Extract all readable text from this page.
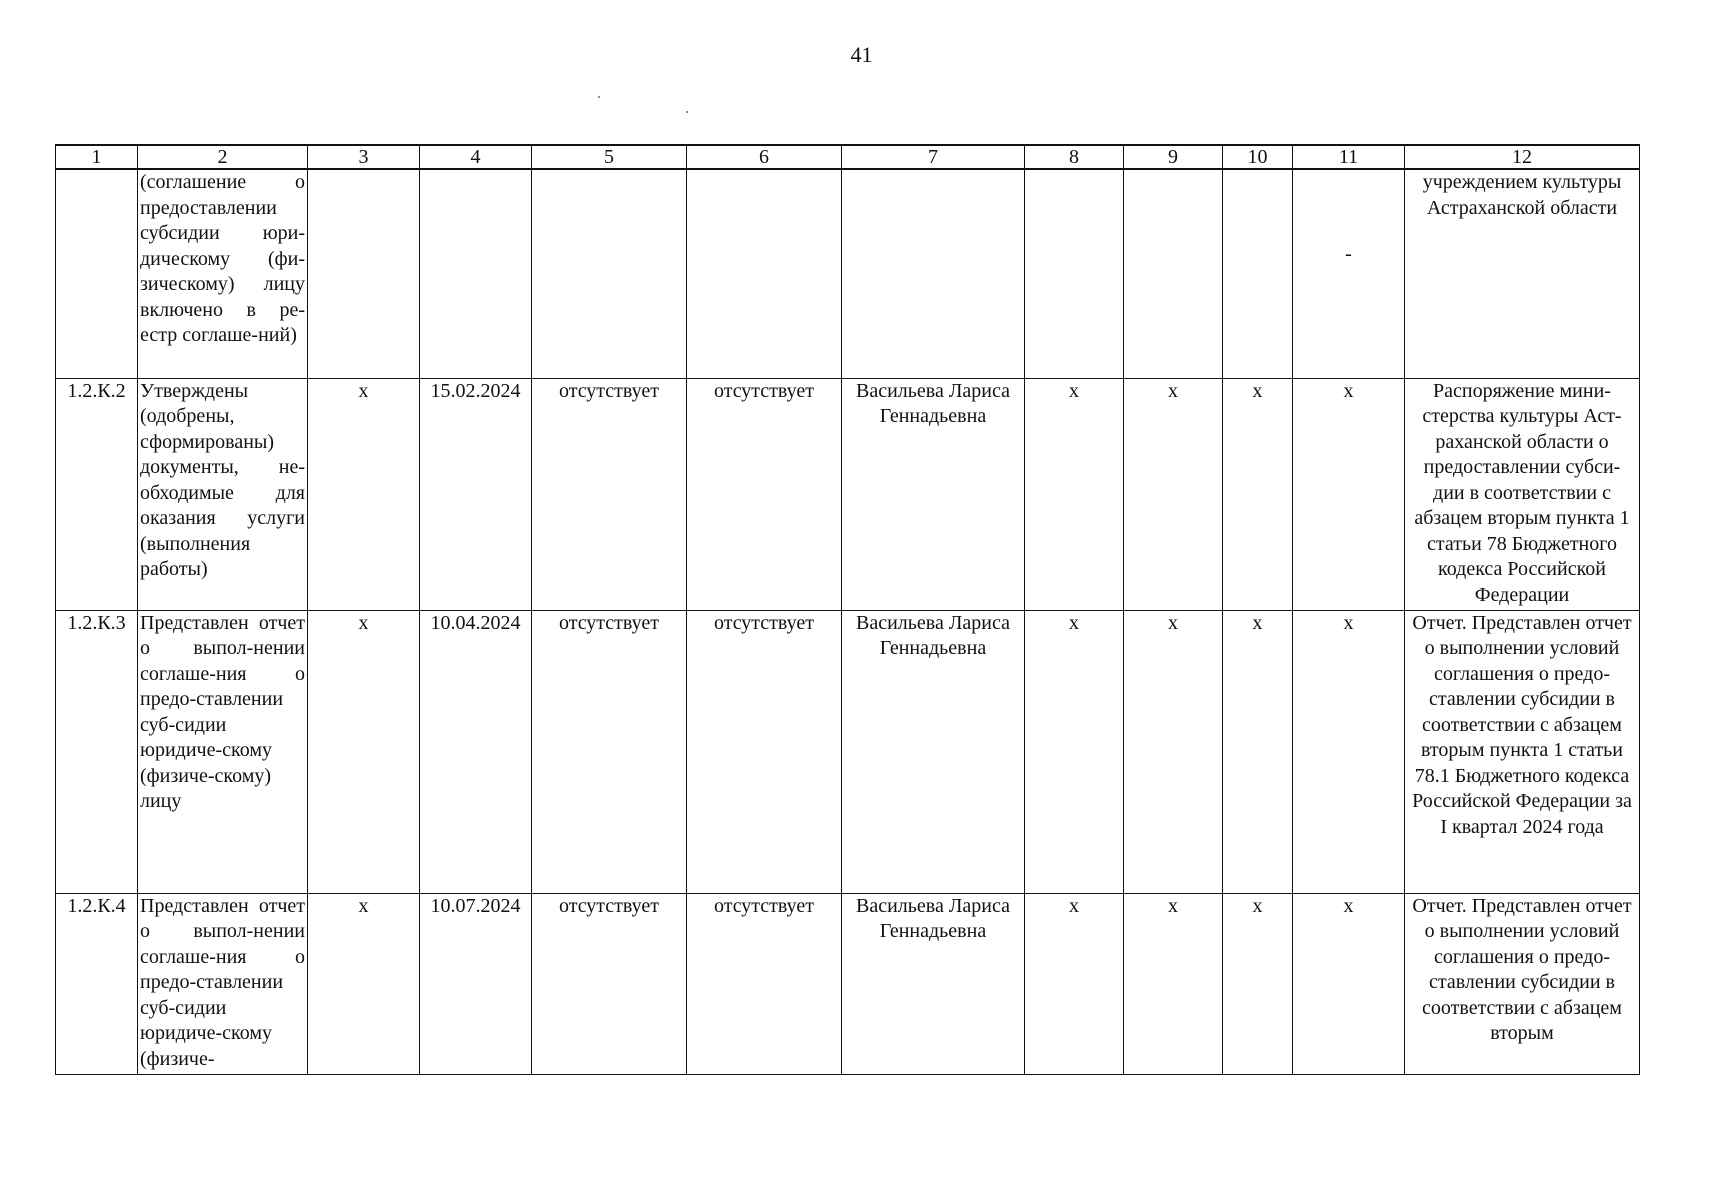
41
1	2	3	4	5	6	7	8	9	10	11	12
	(соглашение о предоставлении субсидии юри-дическому (фи-зическому) лицу включено в ре-естр соглаше-ний)									-	учреждением культуры Астраханской области
1.2.К.2	Утверждены (одобрены, сформированы) документы, не-обходимые для оказания услуги (выполнения работы)	x	15.02.2024	отсутствует	отсутствует	Васильева Лариса Геннадьевна	x	x	x	x	Распоряжение мини-стерства культуры Аст-раханской области о предоставлении субси-дии в соответствии с абзацем вторым пункта 1 статьи 78 Бюджетного кодекса Российской Федерации
1.2.К.3	Представлен отчет о выпол-нении соглаше-ния о предо-ставлении суб-сидии юридиче-скому (физиче-скому) лицу	x	10.04.2024	отсутствует	отсутствует	Васильева Лариса Геннадьевна	x	x	x	x	Отчет. Представлен отчет о выполнении условий соглашения о предо-ставлении субсидии в соответствии с абзацем вторым пункта 1 статьи 78.1 Бюджетного кодекса Российской Федерации за I квартал 2024 года
1.2.К.4	Представлен отчет о выпол-нении соглаше-ния о предо-ставлении суб-сидии юридиче-скому (физиче-	x	10.07.2024	отсутствует	отсутствует	Васильева Лариса Геннадьевна	x	x	x	x	Отчет. Представлен отчет о выполнении условий соглашения о предо-ставлении субсидии в соответствии с абзацем вторым
